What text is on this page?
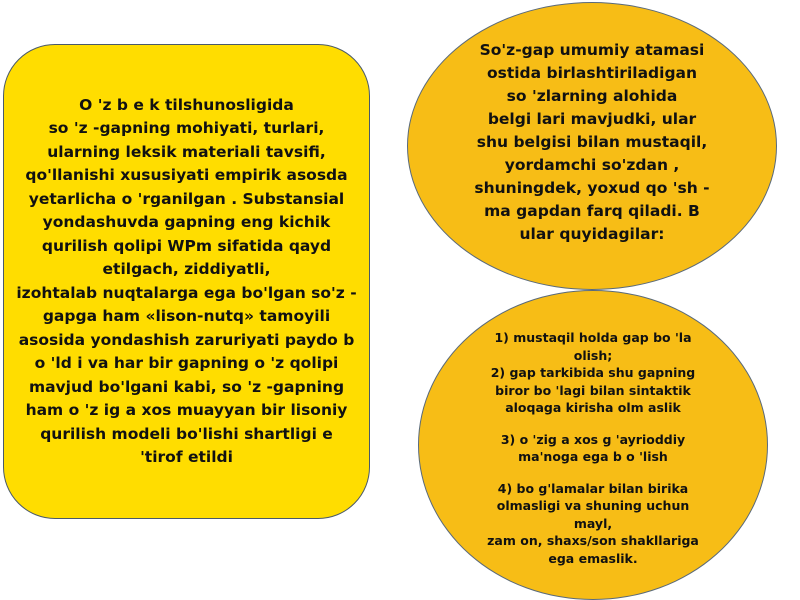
O 'z b e k tilshunosligida
so 'z -gapning mohiyati, turlari,
ularning leksik materiali tavsifi,
qo'llanishi xususiyati empirik asosda
yetarlicha o 'rganilgan . Substansial
yondashuvda gapning eng kichik
qurilish qolipi WPm sifatida qayd
etilgach, ziddiyatli,
izohtalab nuqtalarga ega bo'lgan so'z -
gapga ham «lison-nutq» tamoyili
asosida yondashish zaruriyati paydo b
o 'ld i va har bir gapning o 'z qolipi
mavjud bo'lgani kabi, so 'z -gapning
ham o 'z ig a xos muayyan bir lisoniy
qurilish modeli bo'lishi shartligi e
'tirof etildi

So'z-gap umumiy atamasi
ostida birlashtiriladigan
so 'zlarning alohida
belgi lari mavjudki, ular
shu belgisi bilan mustaqil,
yordamchi so'zdan ,
shuningdek, yoxud qo 'sh -
ma gapdan farq qiladi. B
ular quyidagilar:

1) mustaqil holda gap bo 'la
olish;
2) gap tarkibida shu gapning
biror bo 'lagi bilan sintaktik
aloqaga kirisha olm aslik
3) o 'zig a xos g 'ayrioddiy
ma'noga ega b o 'lish
4) bo g'lamalar bilan birika
olmasligi va shuning uchun mayl,
zam on, shaxs/son shakllariga
ega emaslik.
